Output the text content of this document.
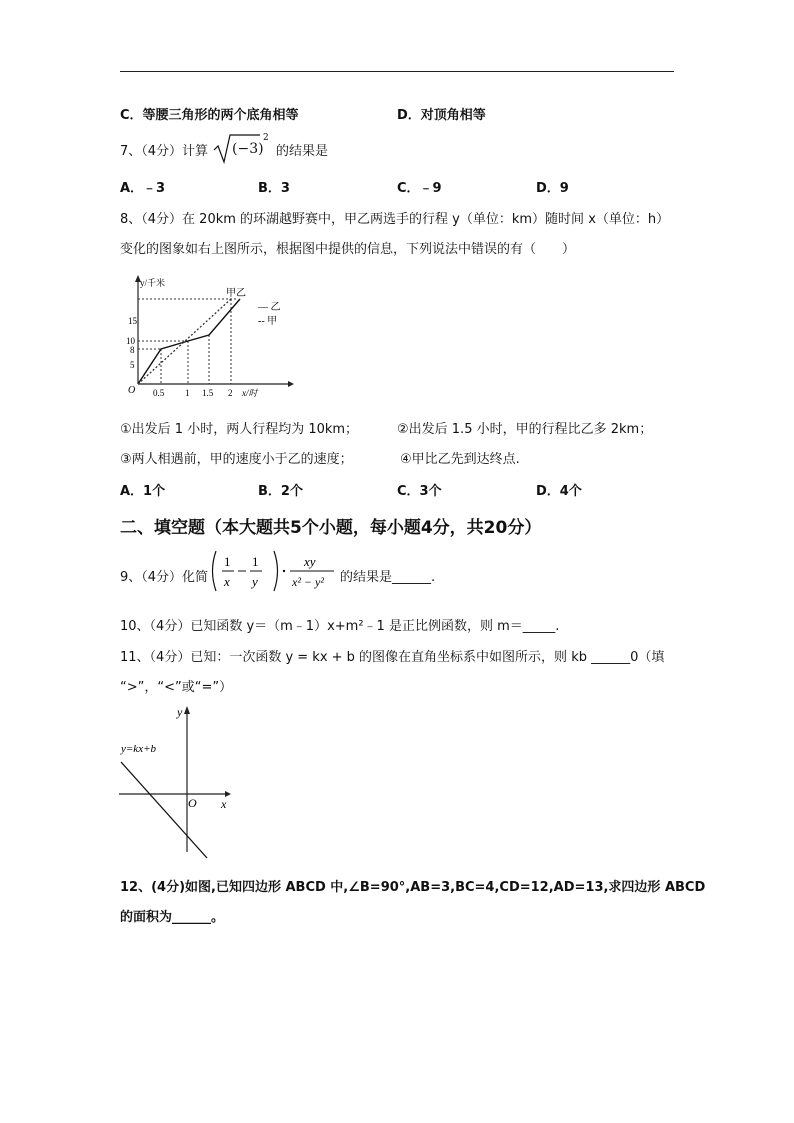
C．等腰三角形的两个底角相等	D．对顶角相等
7、（4分）计算 (−3)
2
的结果是
A．﹣3	B．3	C．﹣9	D．9
8、（4分）在 20km 的环湖越野赛中，甲乙两选手的行程 y（单位：km）随时间 x（单位：h）
变化的图象如右上图所示，根据图中提供的信息，下列说法中错误的有（　　）
y/千米
15
10
8
5
O 0.5 1 1.5 2 x/时
甲乙
— 乙
-- 甲
①出发后 1 小时，两人行程均为 10km；	②出发后 1.5 小时，甲的行程比乙多 2km；
③两人相遇前，甲的速度小于乙的速度；	④甲比乙先到达终点.
A．1个	B．2个	C．3个	D．4个
二、填空题（本大题共5个小题，每小题4分，共20分）
9、（4分）化简
1
x
1
y
xy
x² − y² 的结果是______.
10、（4分）已知函数 y＝（m﹣1）x+m²﹣1 是正比例函数，则 m＝_____.
11、（4分）已知：一次函数 y = kx + b 的图像在直角坐标系中如图所示，则 kb ______0（填
“>”，“<”或“=”）
y
x
O
y=kx+b
12、(4分)如图,已知四边形 ABCD 中,∠B=90°,AB=3,BC=4,CD=12,AD=13,求四边形 ABCD
的面积为______。
